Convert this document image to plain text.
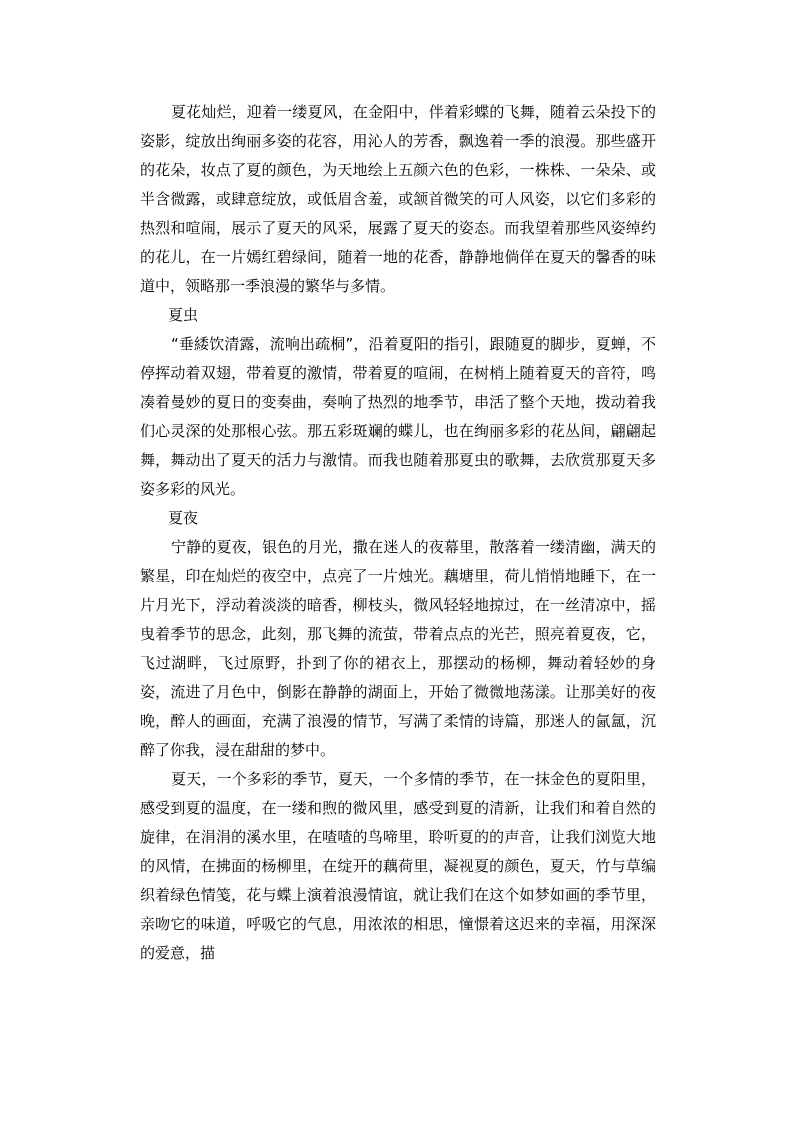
夏花灿烂，迎着一缕夏风，在金阳中，伴着彩蝶的飞舞，随着云朵投下的姿影，绽放出绚丽多姿的花容，用沁人的芳香，飘逸着一季的浪漫。那些盛开的花朵，妆点了夏的颜色，为天地绘上五颜六色的色彩，一株株、一朵朵、或半含微露，或肆意绽放，或低眉含羞，或颔首微笑的可人风姿，以它们多彩的热烈和喧闹，展示了夏天的风采，展露了夏天的姿态。而我望着那些风姿绰约的花儿，在一片嫣红碧绿间，随着一地的花香，静静地倘佯在夏天的馨香的味道中，领略那一季浪漫的繁华与多情。

夏虫

“垂緌饮清露，流响出疏桐”，沿着夏阳的指引，跟随夏的脚步，夏蝉，不停挥动着双翅，带着夏的激情，带着夏的喧闹，在树梢上随着夏天的音符，鸣凑着曼妙的夏日的变奏曲，奏响了热烈的地季节，串活了整个天地，拨动着我们心灵深的处那根心弦。那五彩斑斓的蝶儿，也在绚丽多彩的花丛间，翩翩起舞，舞动出了夏天的活力与激情。而我也随着那夏虫的歌舞，去欣赏那夏天多姿多彩的风光。

夏夜

宁静的夏夜，银色的月光，撒在迷人的夜幕里，散落着一缕清幽，满天的繁星，印在灿烂的夜空中，点亮了一片烛光。藕塘里，荷儿悄悄地睡下，在一片月光下，浮动着淡淡的暗香，柳枝头，微风轻轻地掠过，在一丝清凉中，摇曳着季节的思念，此刻，那飞舞的流萤，带着点点的光芒，照亮着夏夜，它，飞过湖畔，飞过原野，扑到了你的裙衣上，那摆动的杨柳，舞动着轻妙的身姿，流进了月色中，倒影在静静的湖面上，开始了微微地荡漾。让那美好的夜晚，醉人的画面，充满了浪漫的情节，写满了柔情的诗篇，那迷人的氤氲，沉醉了你我，浸在甜甜的梦中。

夏天，一个多彩的季节，夏天，一个多情的季节，在一抹金色的夏阳里，感受到夏的温度，在一缕和煦的微风里，感受到夏的清新，让我们和着自然的旋律，在涓涓的溪水里，在喳喳的鸟啼里，聆听夏的的声音，让我们浏览大地的风情，在拂面的杨柳里，在绽开的藕荷里，凝视夏的颜色，夏天，竹与草编织着绿色情笺，花与蝶上演着浪漫情谊，就让我们在这个如梦如画的季节里，亲吻它的味道，呼吸它的气息，用浓浓的相思，憧憬着这迟来的幸福，用深深的爱意，描
